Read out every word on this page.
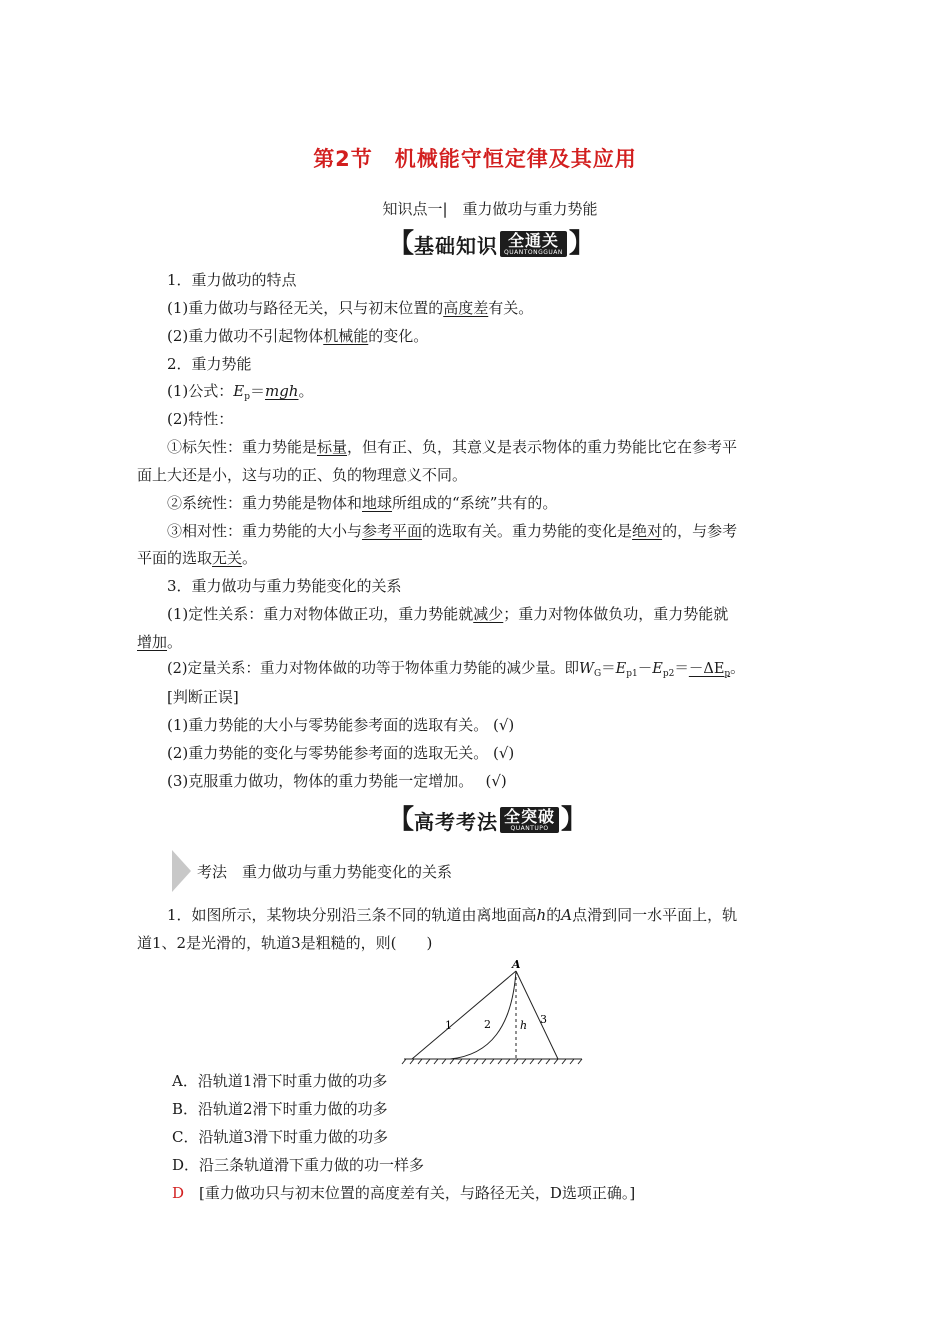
第2节　机械能守恒定律及其应用
知识点一|　重力做功与重力势能
【 基础知识 全通关
QUANTONGGUAN 】
1．重力做功的特点
(1)重力做功与路径无关，只与初末位置的高度差有关。
(2)重力做功不引起物体机械能的变化。
2．重力势能
(1)公式：$E_p=mgh$。
(2)特性：
①标矢性：重力势能是标量，但有正、负，其意义是表示物体的重力势能比它在参考平
面上大还是小，这与功的正、负的物理意义不同。
②系统性：重力势能是物体和地球所组成的“系统”共有的。
③相对性：重力势能的大小与参考平面的选取有关。重力势能的变化是绝对的，与参考
平面的选取无关。
3．重力做功与重力势能变化的关系
(1)定性关系：重力对物体做正功，重力势能就减少；重力对物体做负功，重力势能就
增加。
(2)定量关系：重力对物体做的功等于物体重力势能的减少量。即$W_G=E_{p1}-E_{p2}=-\Delta E_p$。
[判断正误]
(1)重力势能的大小与零势能参考面的选取有关。 (√)
(2)重力势能的变化与零势能参考面的选取无关。 (√)
(3)克服重力做功，物体的重力势能一定增加。　 (√)
【 高考考法 全突破
QUANTUPO 】
考法　重力做功与重力势能变化的关系
1．如图所示，某物块分别沿三条不同的轨道由离地面高h的A点滑到同一水平面上，轨
道1、2是光滑的，轨道3是粗糙的，则(　　)
A
1	2	h 3
A．沿轨道1滑下时重力做的功多
B．沿轨道2滑下时重力做的功多
C．沿轨道3滑下时重力做的功多
D．沿三条轨道滑下重力做的功一样多
D　 [重力做功只与初末位置的高度差有关，与路径无关，D选项正确。]
